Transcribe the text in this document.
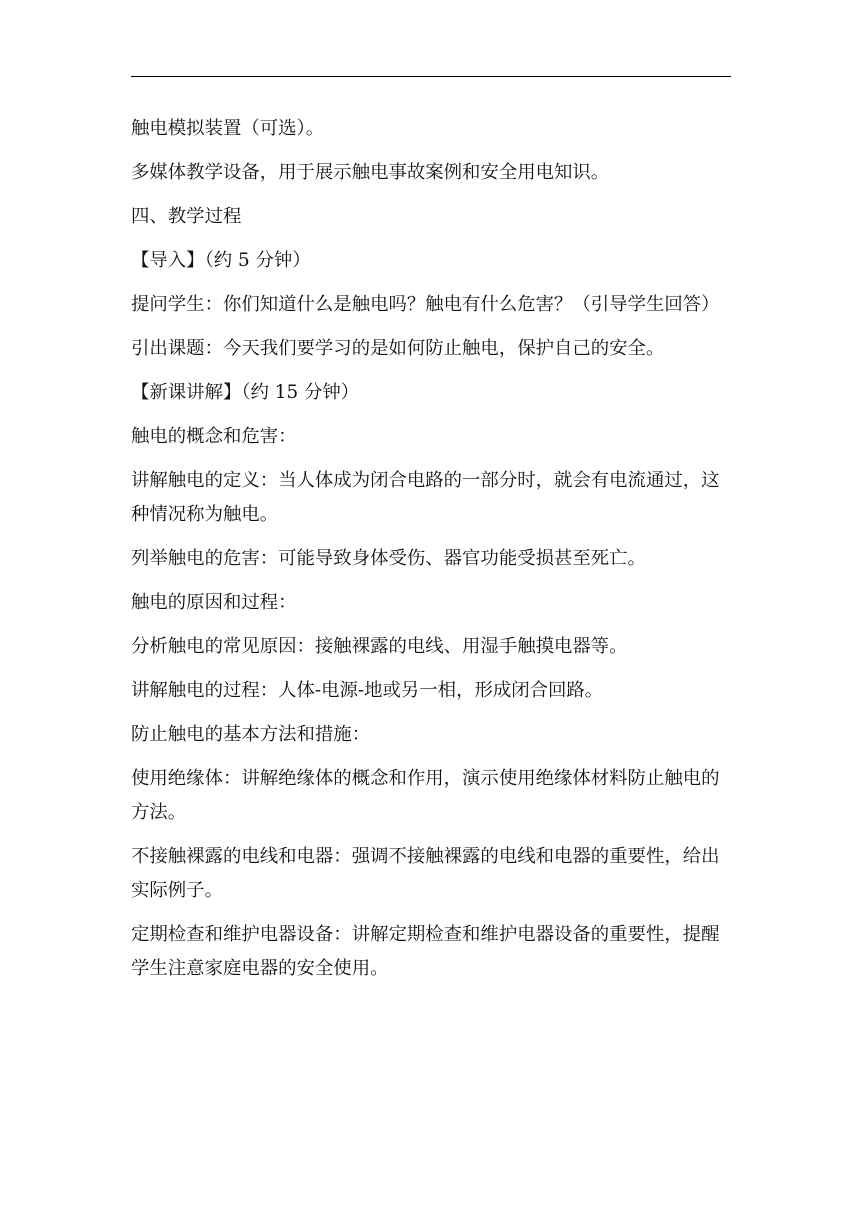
触电模拟装置（可选）。

多媒体教学设备，用于展示触电事故案例和安全用电知识。

四、教学过程

【导入】（约 5 分钟）

提问学生：你们知道什么是触电吗？触电有什么危害？（引导学生回答）

引出课题：今天我们要学习的是如何防止触电，保护自己的安全。

【新课讲解】（约 15 分钟）

触电的概念和危害：

讲解触电的定义：当人体成为闭合电路的一部分时，就会有电流通过，这种情况称为触电。

列举触电的危害：可能导致身体受伤、器官功能受损甚至死亡。

触电的原因和过程：

分析触电的常见原因：接触裸露的电线、用湿手触摸电器等。

讲解触电的过程：人体-电源-地或另一相，形成闭合回路。

防止触电的基本方法和措施：

使用绝缘体：讲解绝缘体的概念和作用，演示使用绝缘体材料防止触电的方法。

不接触裸露的电线和电器：强调不接触裸露的电线和电器的重要性，给出实际例子。

定期检查和维护电器设备：讲解定期检查和维护电器设备的重要性，提醒学生注意家庭电器的安全使用。
